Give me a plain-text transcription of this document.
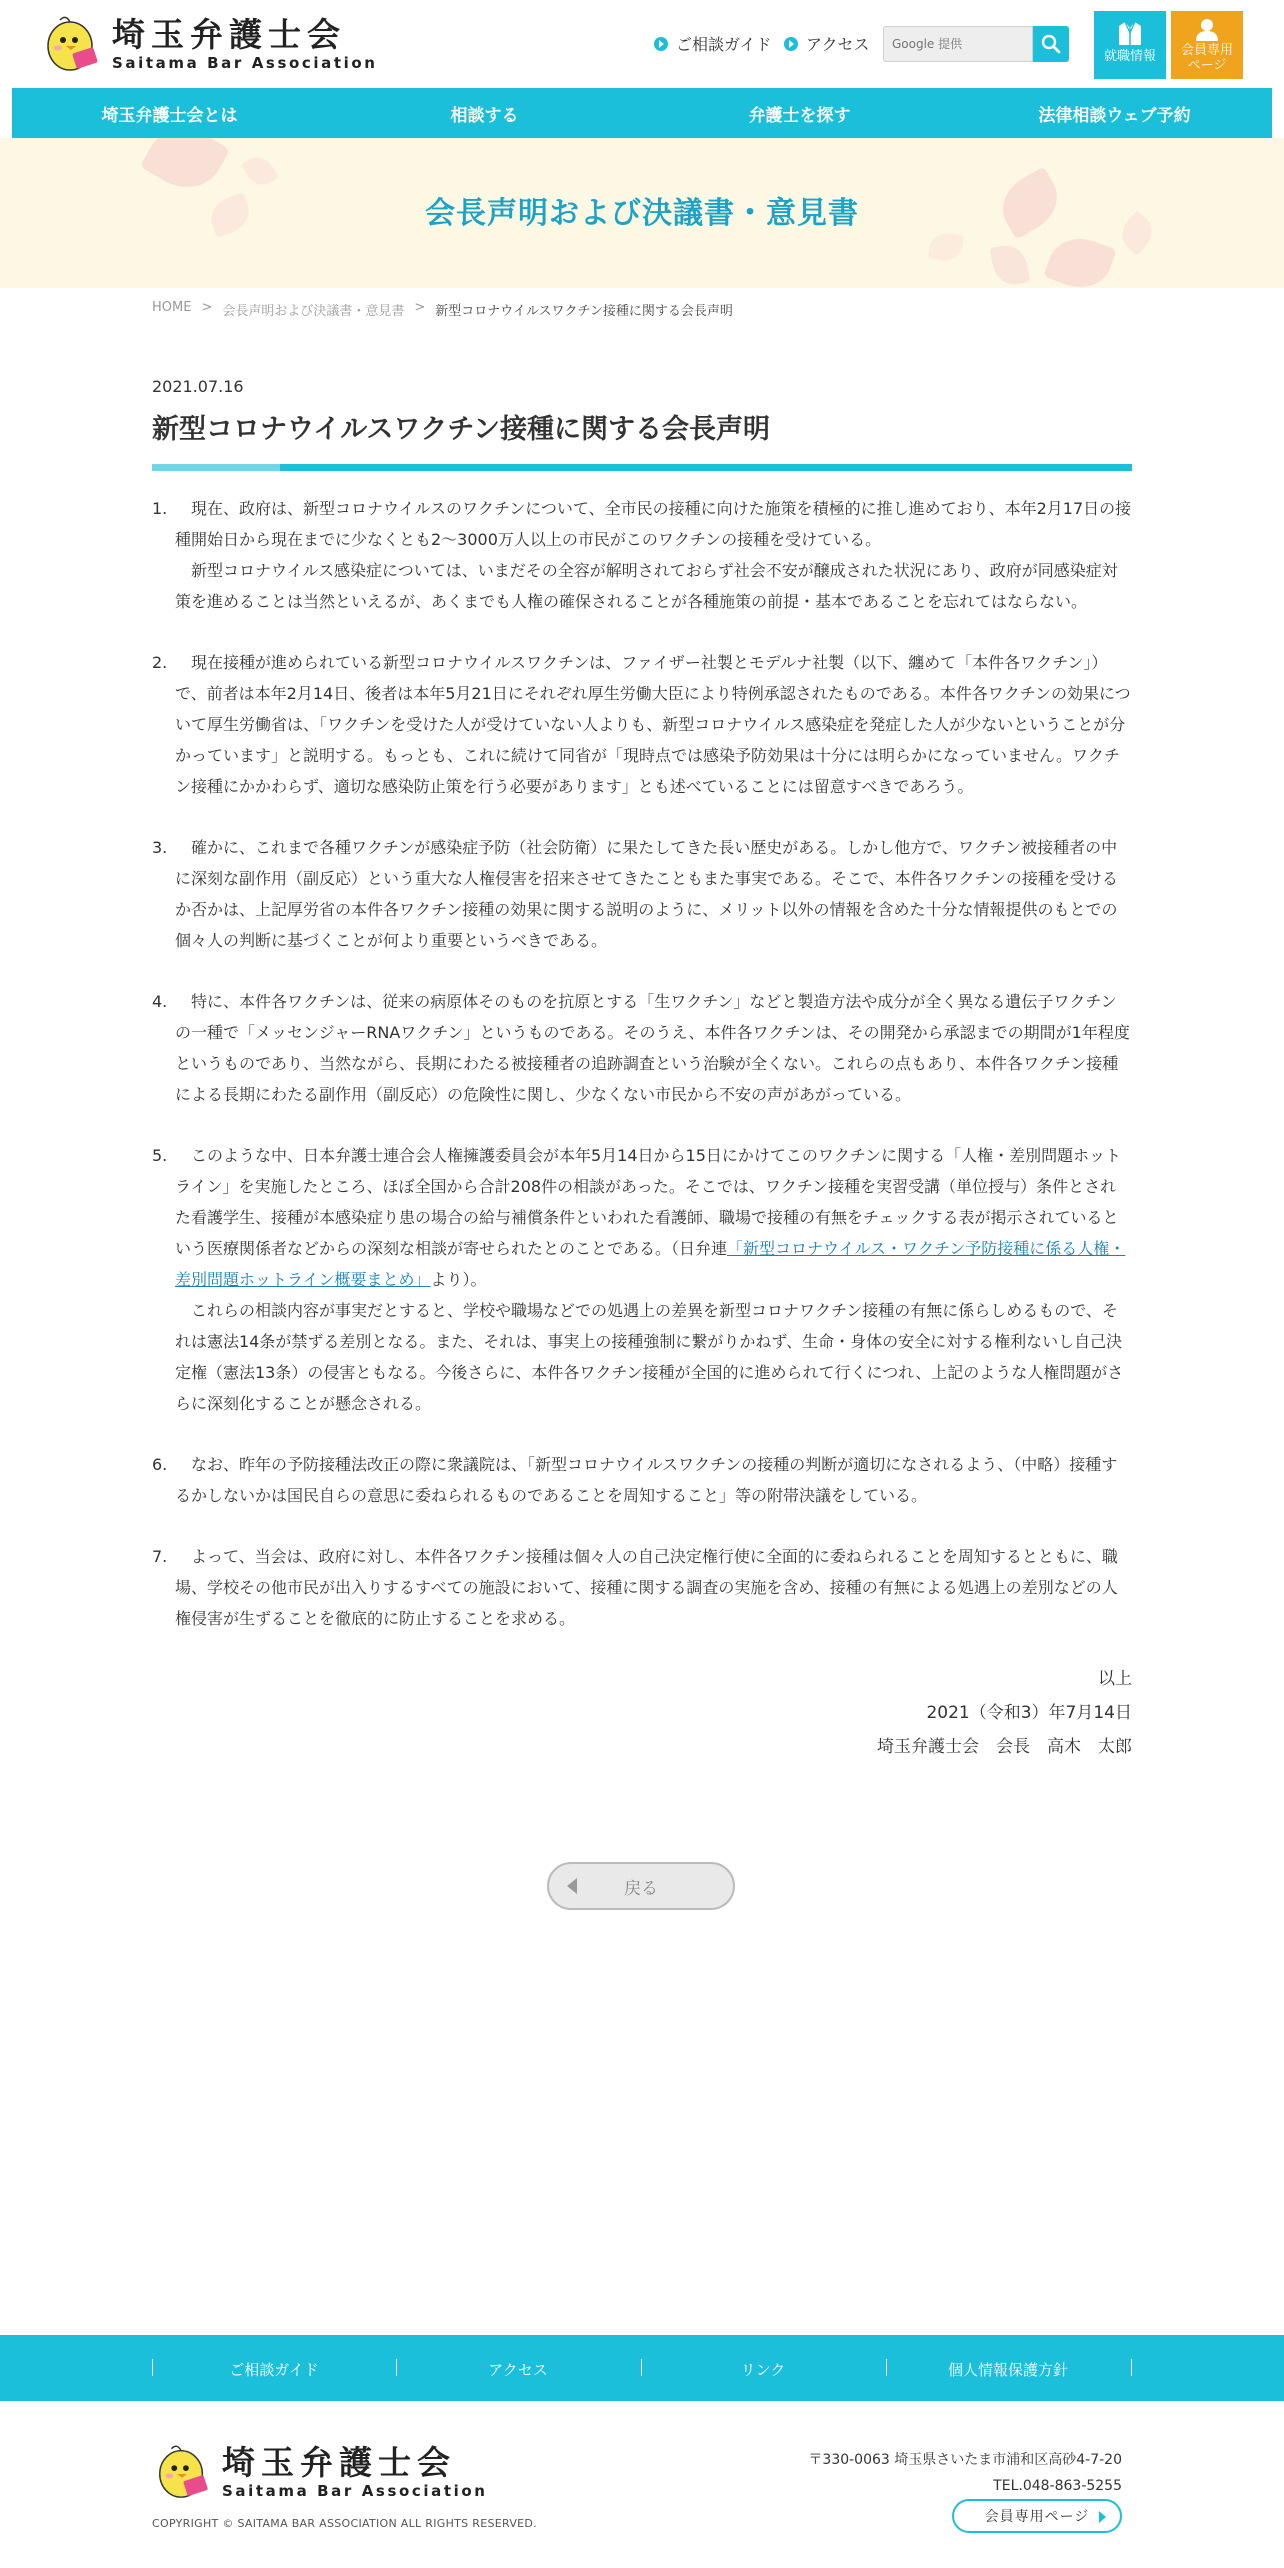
埼玉弁護士会
Saitama Bar Association
ご相談ガイド アクセス
Google 提供
就職情報	会員専用
ページ
埼玉弁護士会とは	相談する	弁護士を探す	法律相談ウェブ予約
会長声明および決議書・意見書
HOME > 会長声明および決議書・意見書 > 新型コロナウイルスワクチン接種に関する会長声明
2021.07.16
新型コロナウイルスワクチン接種に関する会長声明
1.	現在、政府は、新型コロナウイルスのワクチンについて、全市民の接種に向けた施策を積極的に推し進めており、本年2月17日の接種開始日から現在までに少なくとも2〜3000万人以上の市民がこのワクチンの接種を受けている。

新型コロナウイルス感染症については、いまだその全容が解明されておらず社会不安が醸成された状況にあり、政府が同感染症対策を進めることは当然といえるが、あくまでも人権の確保されることが各種施策の前提・基本であることを忘れてはならない。

2.	現在接種が進められている新型コロナウイルスワクチンは、ファイザー社製とモデルナ社製（以下、纏めて「本件各ワクチン」）で、前者は本年2月14日、後者は本年5月21日にそれぞれ厚生労働大臣により特例承認されたものである。本件各ワクチンの効果について厚生労働省は、「ワクチンを受けた人が受けていない人よりも、新型コロナウイルス感染症を発症した人が少ないということが分かっています」と説明する。もっとも、これに続けて同省が「現時点では感染予防効果は十分には明らかになっていません。ワクチン接種にかかわらず、適切な感染防止策を行う必要があります」とも述べていることには留意すべきであろう。

3.	確かに、これまで各種ワクチンが感染症予防（社会防衛）に果たしてきた長い歴史がある。しかし他方で、ワクチン被接種者の中に深刻な副作用（副反応）という重大な人権侵害を招来させてきたこともまた事実である。そこで、本件各ワクチンの接種を受けるか否かは、上記厚労省の本件各ワクチン接種の効果に関する説明のように、メリット以外の情報を含めた十分な情報提供のもとでの個々人の判断に基づくことが何より重要というべきである。

4.	特に、本件各ワクチンは、従来の病原体そのものを抗原とする「生ワクチン」などと製造方法や成分が全く異なる遺伝子ワクチンの一種で「メッセンジャーRNAワクチン」というものである。そのうえ、本件各ワクチンは、その開発から承認までの期間が1年程度というものであり、当然ながら、長期にわたる被接種者の追跡調査という治験が全くない。これらの点もあり、本件各ワクチン接種による長期にわたる副作用（副反応）の危険性に関し、少なくない市民から不安の声があがっている。

5.	このような中、日本弁護士連合会人権擁護委員会が本年5月14日から15日にかけてこのワクチンに関する「人権・差別問題ホットライン」を実施したところ、ほぼ全国から合計208件の相談があった。そこでは、ワクチン接種を実習受講（単位授与）条件とされた看護学生、接種が本感染症り患の場合の給与補償条件といわれた看護師、職場で接種の有無をチェックする表が掲示されているという医療関係者などからの深刻な相談が寄せられたとのことである。（日弁連「新型コロナウイルス・ワクチン予防接種に係る人権・差別問題ホットライン概要まとめ」より）。

これらの相談内容が事実だとすると、学校や職場などでの処遇上の差異を新型コロナワクチン接種の有無に係らしめるもので、それは憲法14条が禁ずる差別となる。また、それは、事実上の接種強制に繋がりかねず、生命・身体の安全に対する権利ないし自己決定権（憲法13条）の侵害ともなる。今後さらに、本件各ワクチン接種が全国的に進められて行くにつれ、上記のような人権問題がさらに深刻化することが懸念される。

6.	なお、昨年の予防接種法改正の際に衆議院は、「新型コロナウイルスワクチンの接種の判断が適切になされるよう、（中略）接種するかしないかは国民自らの意思に委ねられるものであることを周知すること」等の附帯決議をしている。

7.	よって、当会は、政府に対し、本件各ワクチン接種は個々人の自己決定権行使に全面的に委ねられることを周知するとともに、職場、学校その他市民が出入りするすべての施設において、接種に関する調査の実施を含め、接種の有無による処遇上の差別などの人権侵害が生ずることを徹底的に防止することを求める。

以上
2021（令和3）年7月14日
埼玉弁護士会　会長　高木　太郎
戻る
ご相談ガイド	アクセス	リンク	個人情報保護方針
埼玉弁護士会
Saitama Bar Association
COPYRIGHT © SAITAMA BAR ASSOCIATION ALL RIGHTS RESERVED.
〒330-0063 埼玉県さいたま市浦和区高砂4-7-20
TEL.048-863-5255
会員専用ページ
